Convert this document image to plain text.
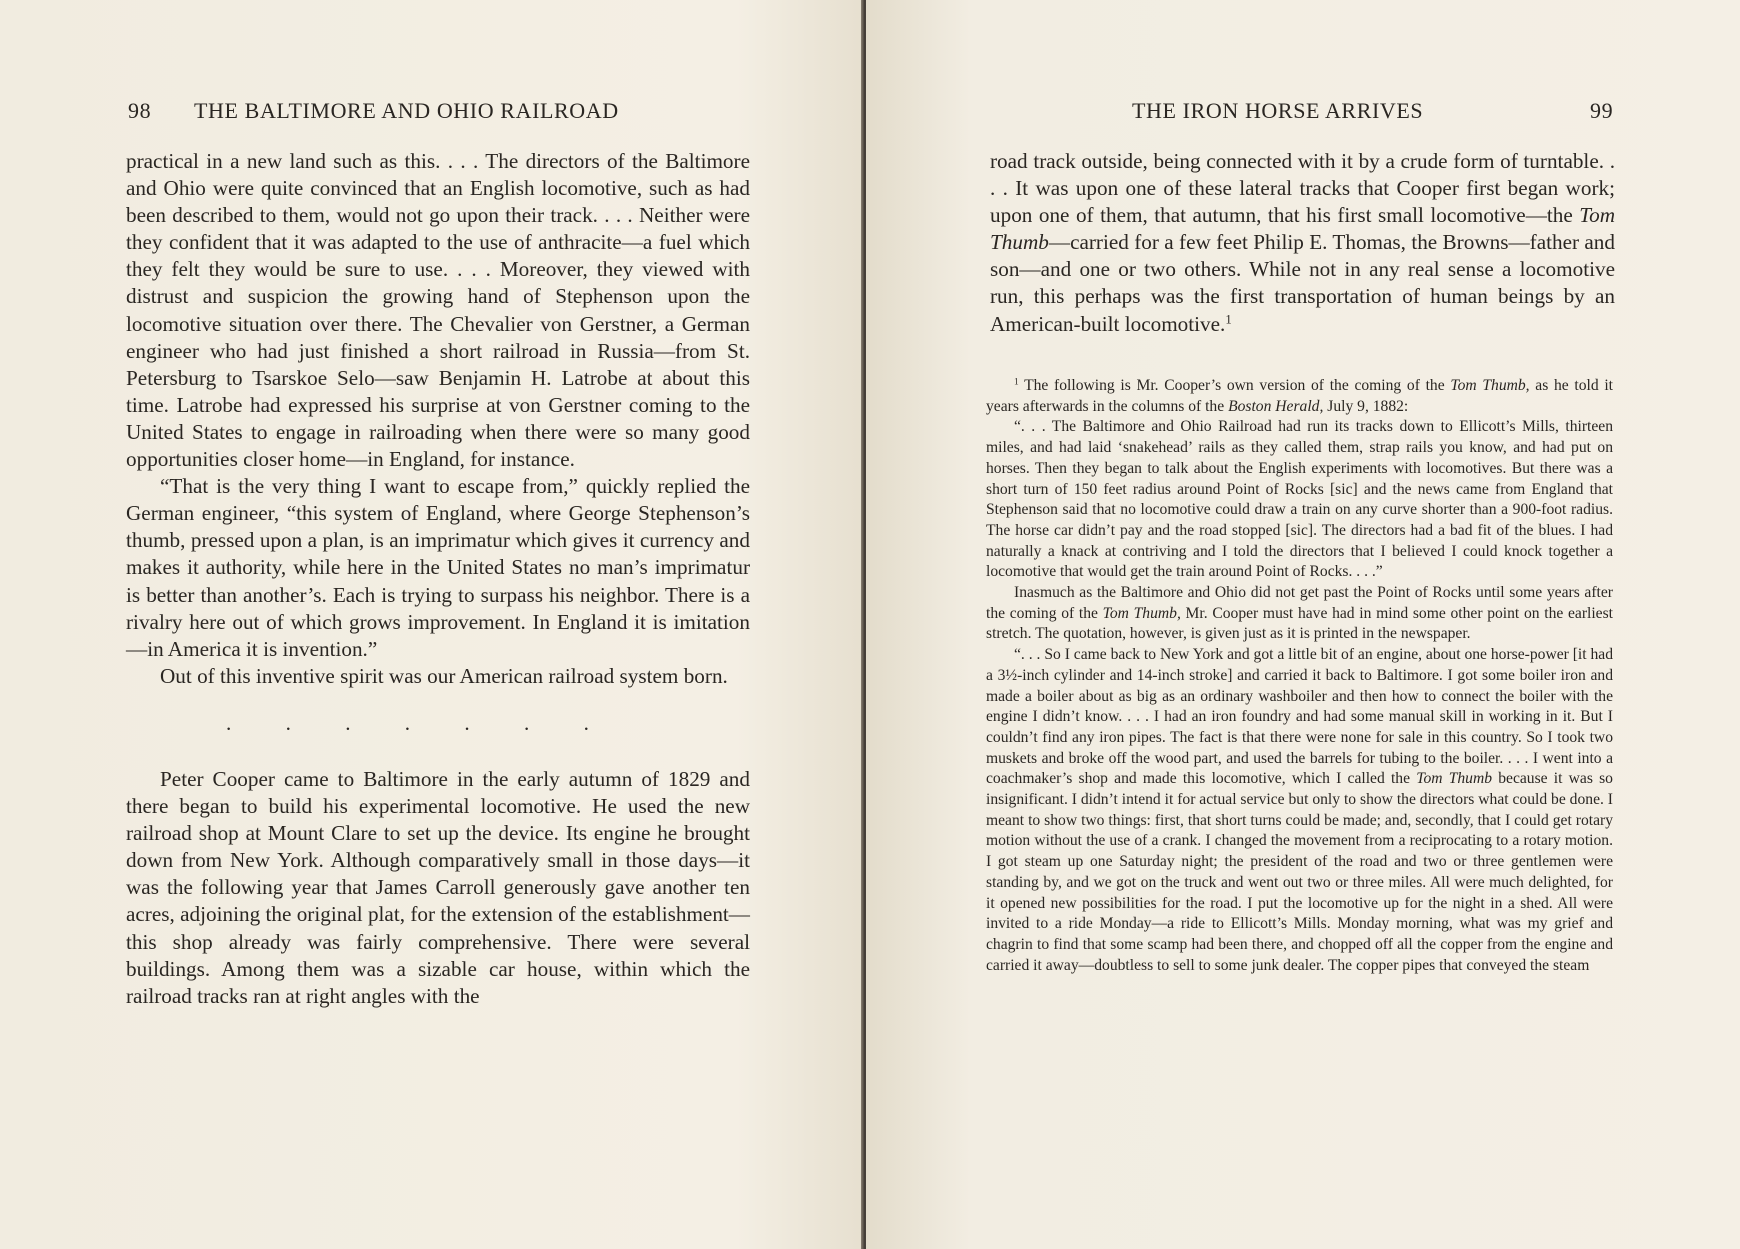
98 THE BALTIMORE AND OHIO RAILROAD

practical in a new land such as this. . . . The directors of the Baltimore and Ohio were quite convinced that an English locomotive, such as had been described to them, would not go upon their track. . . . Neither were they confident that it was adapted to the use of anthracite—a fuel which they felt they would be sure to use. . . . Moreover, they viewed with distrust and suspicion the growing hand of Stephenson upon the locomotive situation over there. The Chevalier von Gerstner, a German engineer who had just finished a short railroad in Russia—from St. Petersburg to Tsarskoe Selo—saw Benjamin H. Latrobe at about this time. Latrobe had expressed his surprise at von Gerstner coming to the United States to engage in railroading when there were so many good opportunities closer home—in England, for instance.

“That is the very thing I want to escape from,” quickly replied the German engineer, “this system of England, where George Stephenson’s thumb, pressed upon a plan, is an imprimatur which gives it currency and makes it authority, while here in the United States no man’s imprimatur is better than another’s. Each is trying to surpass his neighbor. There is a rivalry here out of which grows improvement. In England it is imitation—in America it is invention.”

Out of this inventive spirit was our American railroad system born.

. . . . . . .

Peter Cooper came to Baltimore in the early autumn of 1829 and there began to build his experimental locomotive. He used the new railroad shop at Mount Clare to set up the device. Its engine he brought down from New York. Although comparatively small in those days—it was the following year that James Carroll generously gave another ten acres, adjoining the original plat, for the extension of the establishment—this shop already was fairly comprehensive. There were several buildings. Among them was a sizable car house, within which the railroad tracks ran at right angles with the

THE IRON HORSE ARRIVES	99

road track outside, being connected with it by a crude form of turntable. . . . It was upon one of these lateral tracks that Cooper first began work; upon one of them, that autumn, that his first small locomotive—the Tom Thumb—carried for a few feet Philip E. Thomas, the Browns—father and son—and one or two others. While not in any real sense a locomotive run, this perhaps was the first transportation of human beings by an American-built locomotive.$^1$

$^1$ The following is Mr. Cooper’s own version of the coming of the Tom Thumb, as he told it years afterwards in the columns of the Boston Herald, July 9, 1882:

“. . . The Baltimore and Ohio Railroad had run its tracks down to Ellicott’s Mills, thirteen miles, and had laid ‘snakehead’ rails as they called them, strap rails you know, and had put on horses. Then they began to talk about the English experiments with locomotives. But there was a short turn of 150 feet radius around Point of Rocks [sic] and the news came from England that Stephenson said that no locomotive could draw a train on any curve shorter than a 900-foot radius. The horse car didn’t pay and the road stopped [sic]. The directors had a bad fit of the blues. I had naturally a knack at contriving and I told the directors that I believed I could knock together a locomotive that would get the train around Point of Rocks. . . .”

Inasmuch as the Baltimore and Ohio did not get past the Point of Rocks until some years after the coming of the Tom Thumb, Mr. Cooper must have had in mind some other point on the earliest stretch. The quotation, however, is given just as it is printed in the newspaper.

“. . . So I came back to New York and got a little bit of an engine, about one horse-power [it had a 3½-inch cylinder and 14-inch stroke] and carried it back to Baltimore. I got some boiler iron and made a boiler about as big as an ordinary washboiler and then how to connect the boiler with the engine I didn’t know. . . . I had an iron foundry and had some manual skill in working in it. But I couldn’t find any iron pipes. The fact is that there were none for sale in this country. So I took two muskets and broke off the wood part, and used the barrels for tubing to the boiler. . . . I went into a coachmaker’s shop and made this locomotive, which I called the Tom Thumb because it was so insignificant. I didn’t intend it for actual service but only to show the directors what could be done. I meant to show two things: first, that short turns could be made; and, secondly, that I could get rotary motion without the use of a crank. I changed the movement from a reciprocating to a rotary motion. I got steam up one Saturday night; the president of the road and two or three gentlemen were standing by, and we got on the truck and went out two or three miles. All were much delighted, for it opened new possibilities for the road. I put the locomotive up for the night in a shed. All were invited to a ride Monday—a ride to Ellicott’s Mills. Monday morning, what was my grief and chagrin to find that some scamp had been there, and chopped off all the copper from the engine and carried it away—doubtless to sell to some junk dealer. The copper pipes that conveyed the steam
